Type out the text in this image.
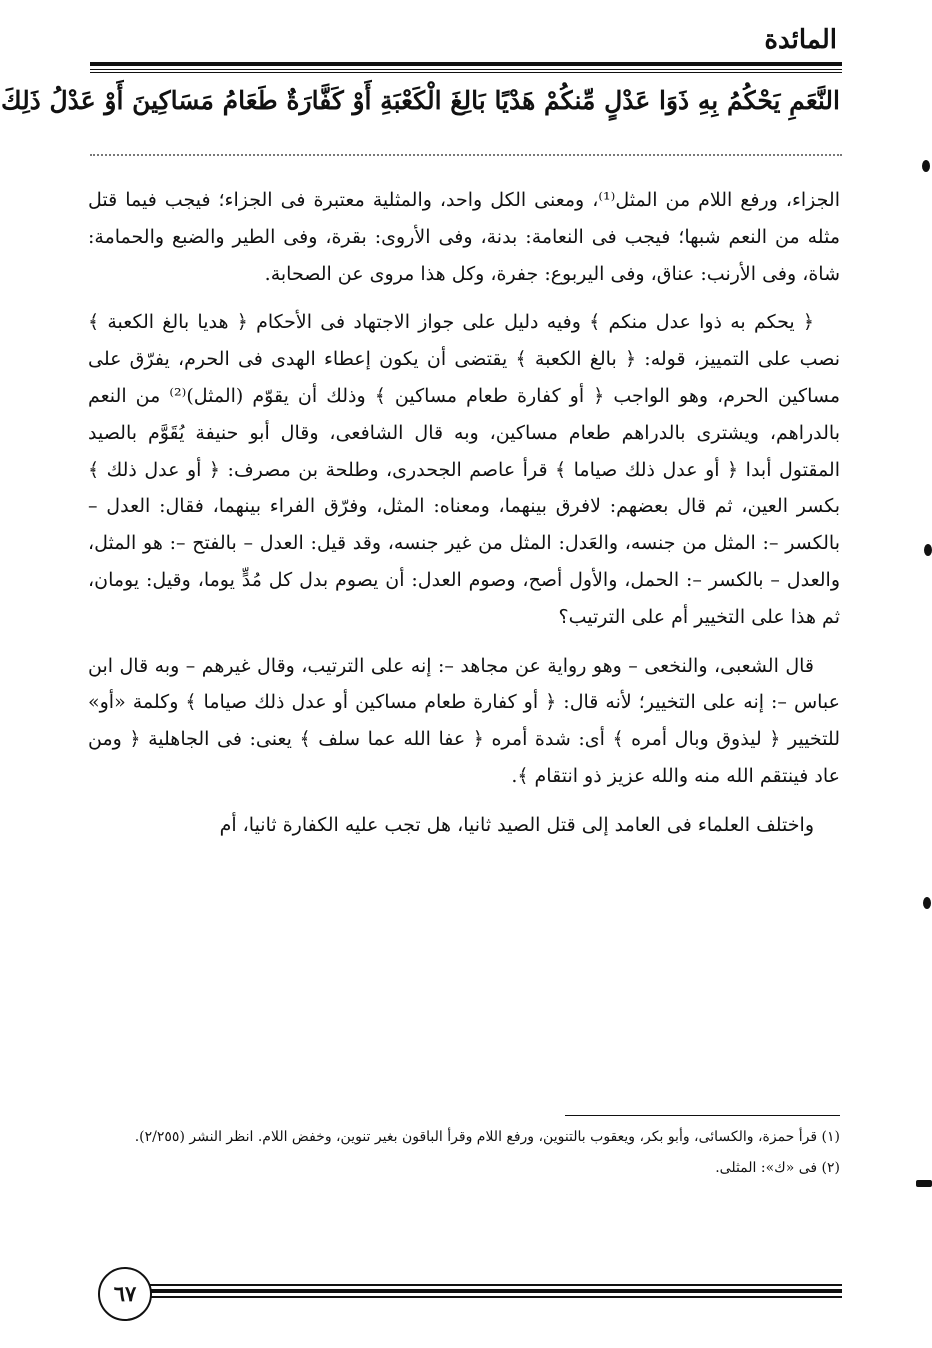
المائدة
النَّعَمِ يَحْكُمُ بِهِ ذَوَا عَدْلٍ مِّنكُمْ هَدْيًا بَالِغَ الْكَعْبَةِ أَوْ كَفَّارَةٌ طَعَامُ مَسَاكِينَ أَوْ عَدْلُ ذَلِكَ

الجزاء، ورفع اللام من المثل⁽¹⁾، ومعنى الكل واحد، والمثلية معتبرة فى الجزاء؛ فيجب فيما قتل مثله من النعم شبها؛ فيجب فى النعامة: بدنة، وفى الأروى: بقرة، وفى الطير والضبع والحمامة: شاة، وفى الأرنب: عناق، وفى اليربوع: جفرة، وكل هذا مروى عن الصحابة.

﴿ يحكم به ذوا عدل منكم ﴾ وفيه دليل على جواز الاجتهاد فى الأحكام ﴿ هديا بالغ الكعبة ﴾ نصب على التمييز، قوله: ﴿ بالغ الكعبة ﴾ يقتضى أن يكون إعطاء الهدى فى الحرم، يفرّق على مساكين الحرم، وهو الواجب ﴿ أو كفارة طعام مساكين ﴾ وذلك أن يقوّم (المثل)⁽²⁾ من النعم بالدراهم، ويشترى بالدراهم طعام مساكين، وبه قال الشافعى، وقال أبو حنيفة يُقَوَّم بالصيد المقتول أبدا ﴿ أو عدل ذلك صياما ﴾ قرأ عاصم الجحدرى، وطلحة بن مصرف: ﴿ أو عدل ذلك ﴾ بكسر العين، ثم قال بعضهم: لافرق بينهما، ومعناه: المثل، وفرّق الفراء بينهما، فقال: العدل – بالكسر –: المثل من جنسه، والعَدل: المثل من غير جنسه، وقد قيل: العدل – بالفتح –: هو المثل، والعدل – بالكسر –: الحمل، والأول أصح، وصوم العدل: أن يصوم بدل كل مُدٍّ يوما، وقيل: يومان، ثم هذا على التخيير أم على الترتيب؟

قال الشعبى، والنخعى – وهو رواية عن مجاهد –: إنه على الترتيب، وقال غيرهم – وبه قال ابن عباس –: إنه على التخيير؛ لأنه قال: ﴿ أو كفارة طعام مساكين أو عدل ذلك صياما ﴾ وكلمة «أو» للتخيير ﴿ ليذوق وبال أمره ﴾ أى: شدة أمره ﴿ عفا الله عما سلف ﴾ يعنى: فى الجاهلية ﴿ ومن عاد فينتقم الله منه والله عزيز ذو انتقام ﴾.

واختلف العلماء فى العامد إلى قتل الصيد ثانيا، هل تجب عليه الكفارة ثانيا، أم

(١) قرأ حمزة، والكسائى، وأبو بكر، ويعقوب بالتنوين، ورفع اللام وقرأ الباقون بغير تنوين، وخفض اللام. انظر النشر (٢/٢٥٥).

(٢) فى «ك»: المثلى.

٦٧
